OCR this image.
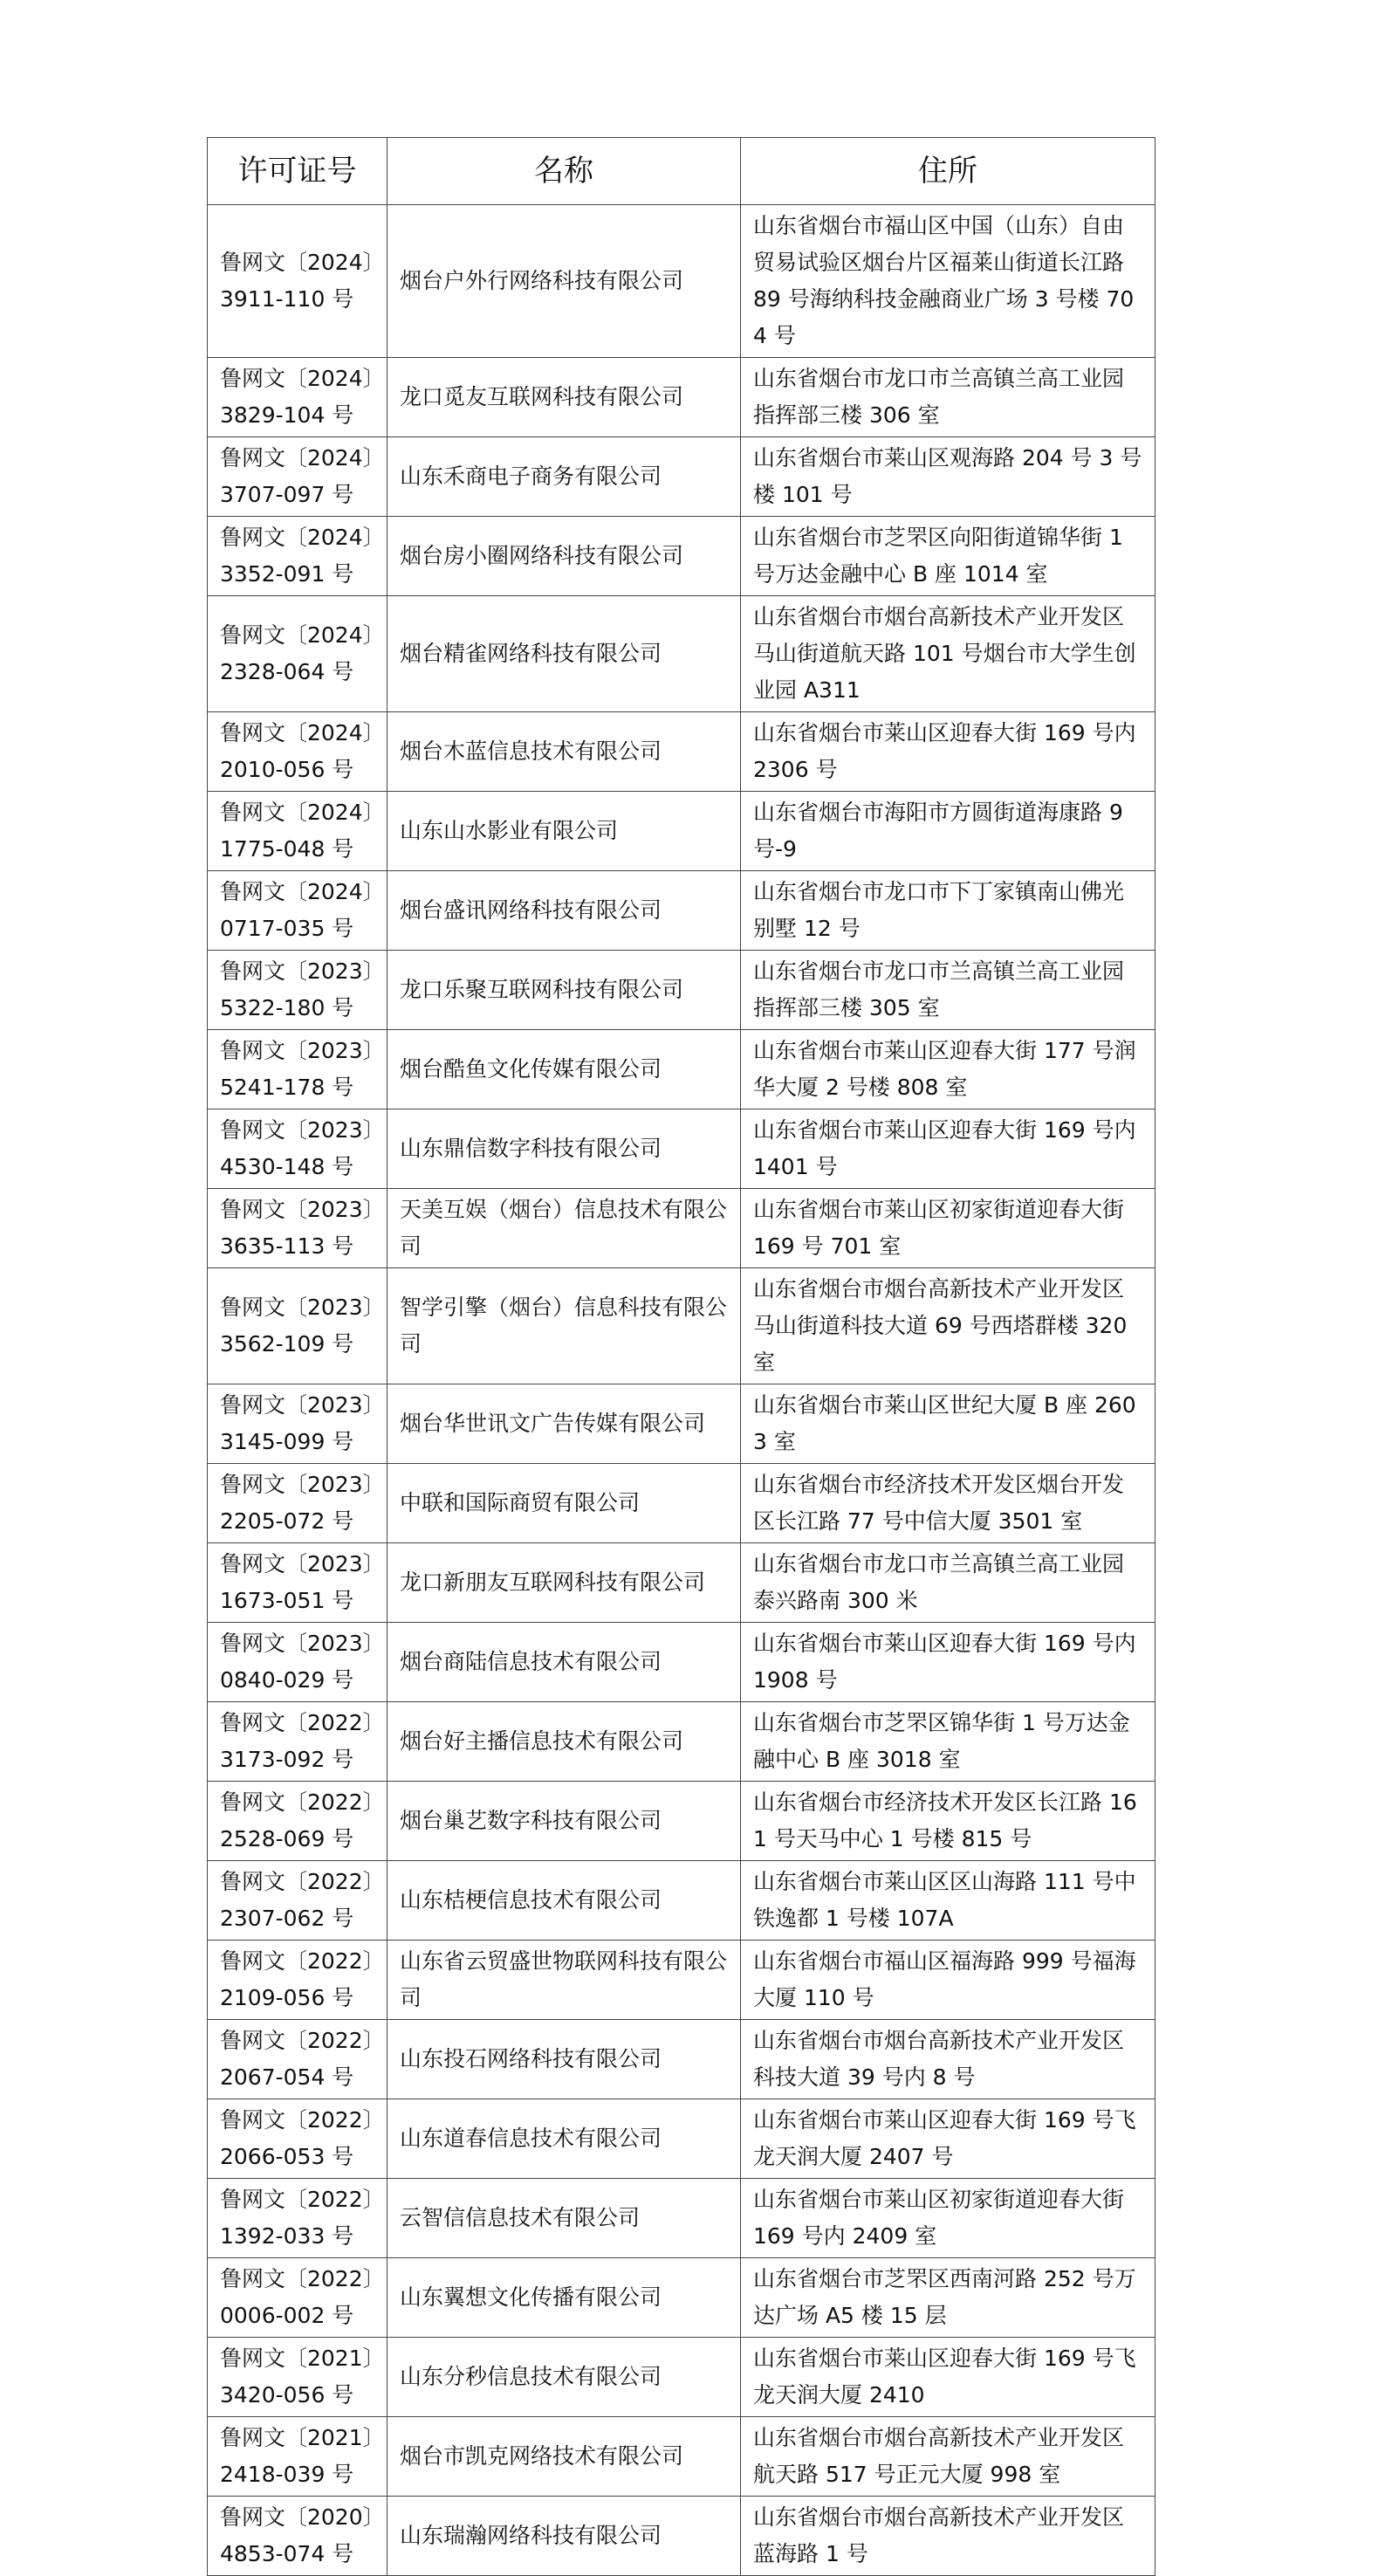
许可证号	名称	住所
鲁网文〔2024〕3911-110 号	烟台户外行网络科技有限公司	山东省烟台市福山区中国（山东）自由贸易试验区烟台片区福莱山街道长江路 89 号海纳科技金融商业广场 3 号楼 704 号
鲁网文〔2024〕3829-104 号	龙口觅友互联网科技有限公司	山东省烟台市龙口市兰高镇兰高工业园指挥部三楼 306 室
鲁网文〔2024〕3707-097 号	山东禾商电子商务有限公司	山东省烟台市莱山区观海路 204 号 3 号楼 101 号
鲁网文〔2024〕3352-091 号	烟台房小圈网络科技有限公司	山东省烟台市芝罘区向阳街道锦华街 1 号万达金融中心 B 座 1014 室
鲁网文〔2024〕2328-064 号	烟台精雀网络科技有限公司	山东省烟台市烟台高新技术产业开发区马山街道航天路 101 号烟台市大学生创业园 A311
鲁网文〔2024〕2010-056 号	烟台木蓝信息技术有限公司	山东省烟台市莱山区迎春大街 169 号内 2306 号
鲁网文〔2024〕1775-048 号	山东山水影业有限公司	山东省烟台市海阳市方圆街道海康路 9 号-9
鲁网文〔2024〕0717-035 号	烟台盛讯网络科技有限公司	山东省烟台市龙口市下丁家镇南山佛光别墅 12 号
鲁网文〔2023〕5322-180 号	龙口乐聚互联网科技有限公司	山东省烟台市龙口市兰高镇兰高工业园指挥部三楼 305 室
鲁网文〔2023〕5241-178 号	烟台酷鱼文化传媒有限公司	山东省烟台市莱山区迎春大街 177 号润华大厦 2 号楼 808 室
鲁网文〔2023〕4530-148 号	山东鼎信数字科技有限公司	山东省烟台市莱山区迎春大街 169 号内 1401 号
鲁网文〔2023〕3635-113 号	天美互娱（烟台）信息技术有限公司	山东省烟台市莱山区初家街道迎春大街 169 号 701 室
鲁网文〔2023〕3562-109 号	智学引擎（烟台）信息科技有限公司	山东省烟台市烟台高新技术产业开发区马山街道科技大道 69 号西塔群楼 320 室
鲁网文〔2023〕3145-099 号	烟台华世讯文广告传媒有限公司	山东省烟台市莱山区世纪大厦 B 座 2603 室
鲁网文〔2023〕2205-072 号	中联和国际商贸有限公司	山东省烟台市经济技术开发区烟台开发区长江路 77 号中信大厦 3501 室
鲁网文〔2023〕1673-051 号	龙口新朋友互联网科技有限公司	山东省烟台市龙口市兰高镇兰高工业园泰兴路南 300 米
鲁网文〔2023〕0840-029 号	烟台商陆信息技术有限公司	山东省烟台市莱山区迎春大街 169 号内 1908 号
鲁网文〔2022〕3173-092 号	烟台好主播信息技术有限公司	山东省烟台市芝罘区锦华街 1 号万达金融中心 B 座 3018 室
鲁网文〔2022〕2528-069 号	烟台巢艺数字科技有限公司	山东省烟台市经济技术开发区长江路 161 号天马中心 1 号楼 815 号
鲁网文〔2022〕2307-062 号	山东桔梗信息技术有限公司	山东省烟台市莱山区区山海路 111 号中铁逸都 1 号楼 107A
鲁网文〔2022〕2109-056 号	山东省云贸盛世物联网科技有限公司	山东省烟台市福山区福海路 999 号福海大厦 110 号
鲁网文〔2022〕2067-054 号	山东投石网络科技有限公司	山东省烟台市烟台高新技术产业开发区科技大道 39 号内 8 号
鲁网文〔2022〕2066-053 号	山东道春信息技术有限公司	山东省烟台市莱山区迎春大街 169 号飞龙天润大厦 2407 号
鲁网文〔2022〕1392-033 号	云智信信息技术有限公司	山东省烟台市莱山区初家街道迎春大街 169 号内 2409 室
鲁网文〔2022〕0006-002 号	山东翼想文化传播有限公司	山东省烟台市芝罘区西南河路 252 号万达广场 A5 楼 15 层
鲁网文〔2021〕3420-056 号	山东分秒信息技术有限公司	山东省烟台市莱山区迎春大街 169 号飞龙天润大厦 2410
鲁网文〔2021〕2418-039 号	烟台市凯克网络技术有限公司	山东省烟台市烟台高新技术产业开发区航天路 517 号正元大厦 998 室
鲁网文〔2020〕4853-074 号	山东瑞瀚网络科技有限公司	山东省烟台市烟台高新技术产业开发区蓝海路 1 号
